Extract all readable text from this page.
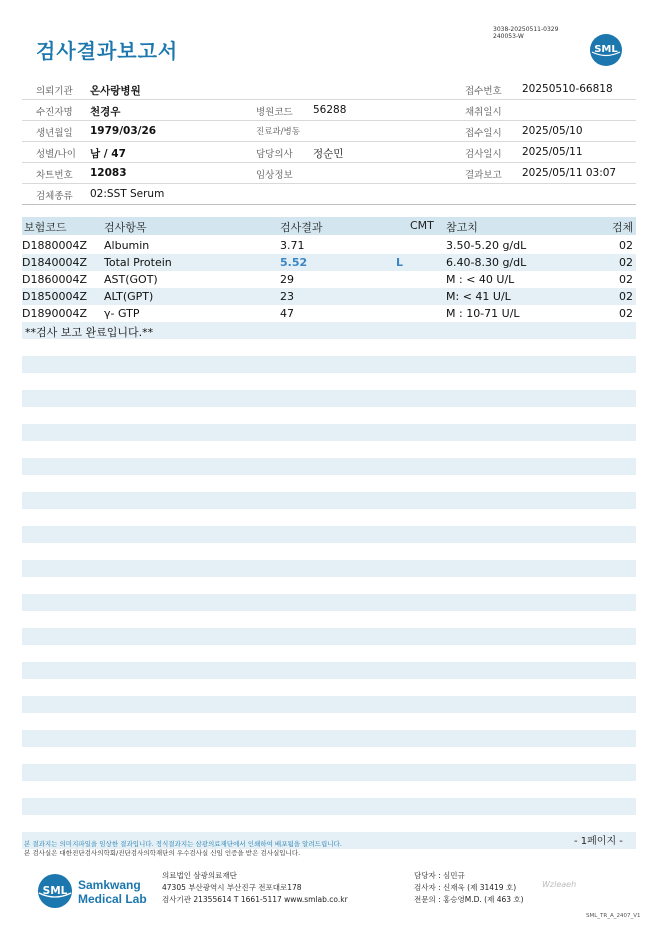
검사결과보고서
3038-20250511-0329
240053-W
SML
의뢰기관 온사랑병원	접수번호 20250510-66818
수진자명 천경우	병원코드 56288	채취일시
생년월일 1979/03/26	진료과/병동	접수일시 2025/05/10
성별/나이 남 / 47	담당의사 정순민	검사일시 2025/05/11
차트번호 12083	임상정보	결과보고 2025/05/11 03:07
검체종류 02:SST Serum
보험코드	검사항목	검사결과	CMT 참고치	검체
D1880004Z Albumin	3.71	3.50-5.20 g/dL	02
D1840004Z Total Protein	5.52	L	6.40-8.30 g/dL	02
D1860004Z AST(GOT)	29	M : < 40 U/L	02
D1850004Z ALT(GPT)	23	M: < 41 U/L	02
D1890004Z γ- GTP	47	M : 10-71 U/L	02
**검사 보고 완료입니다.**
- 1페이지 -
본 결과지는 의미지파일을 임상한 결과입니다. 정식결과지는 삼광의료재단에서 인쇄하여 배포됨을 알려드립니다.
본 검사실은 대한진단검사의학회/진단검사의학재단의 우수검사실 신임 인증을 받은 검사실입니다.
SML Samkwang
Medical Lab
의료법인 삼광의료재단
47305 부산광역시 부산진구 전포대로178
검사기관 21355614 T 1661-5117 www.smlab.co.kr
담당자 : 심민규
검사자 : 신재욱 (제 31419 호)
전문의 : 홍승영M.D. (제 463 호)
Wzleaeh
SML_TR_A_2407_V1
